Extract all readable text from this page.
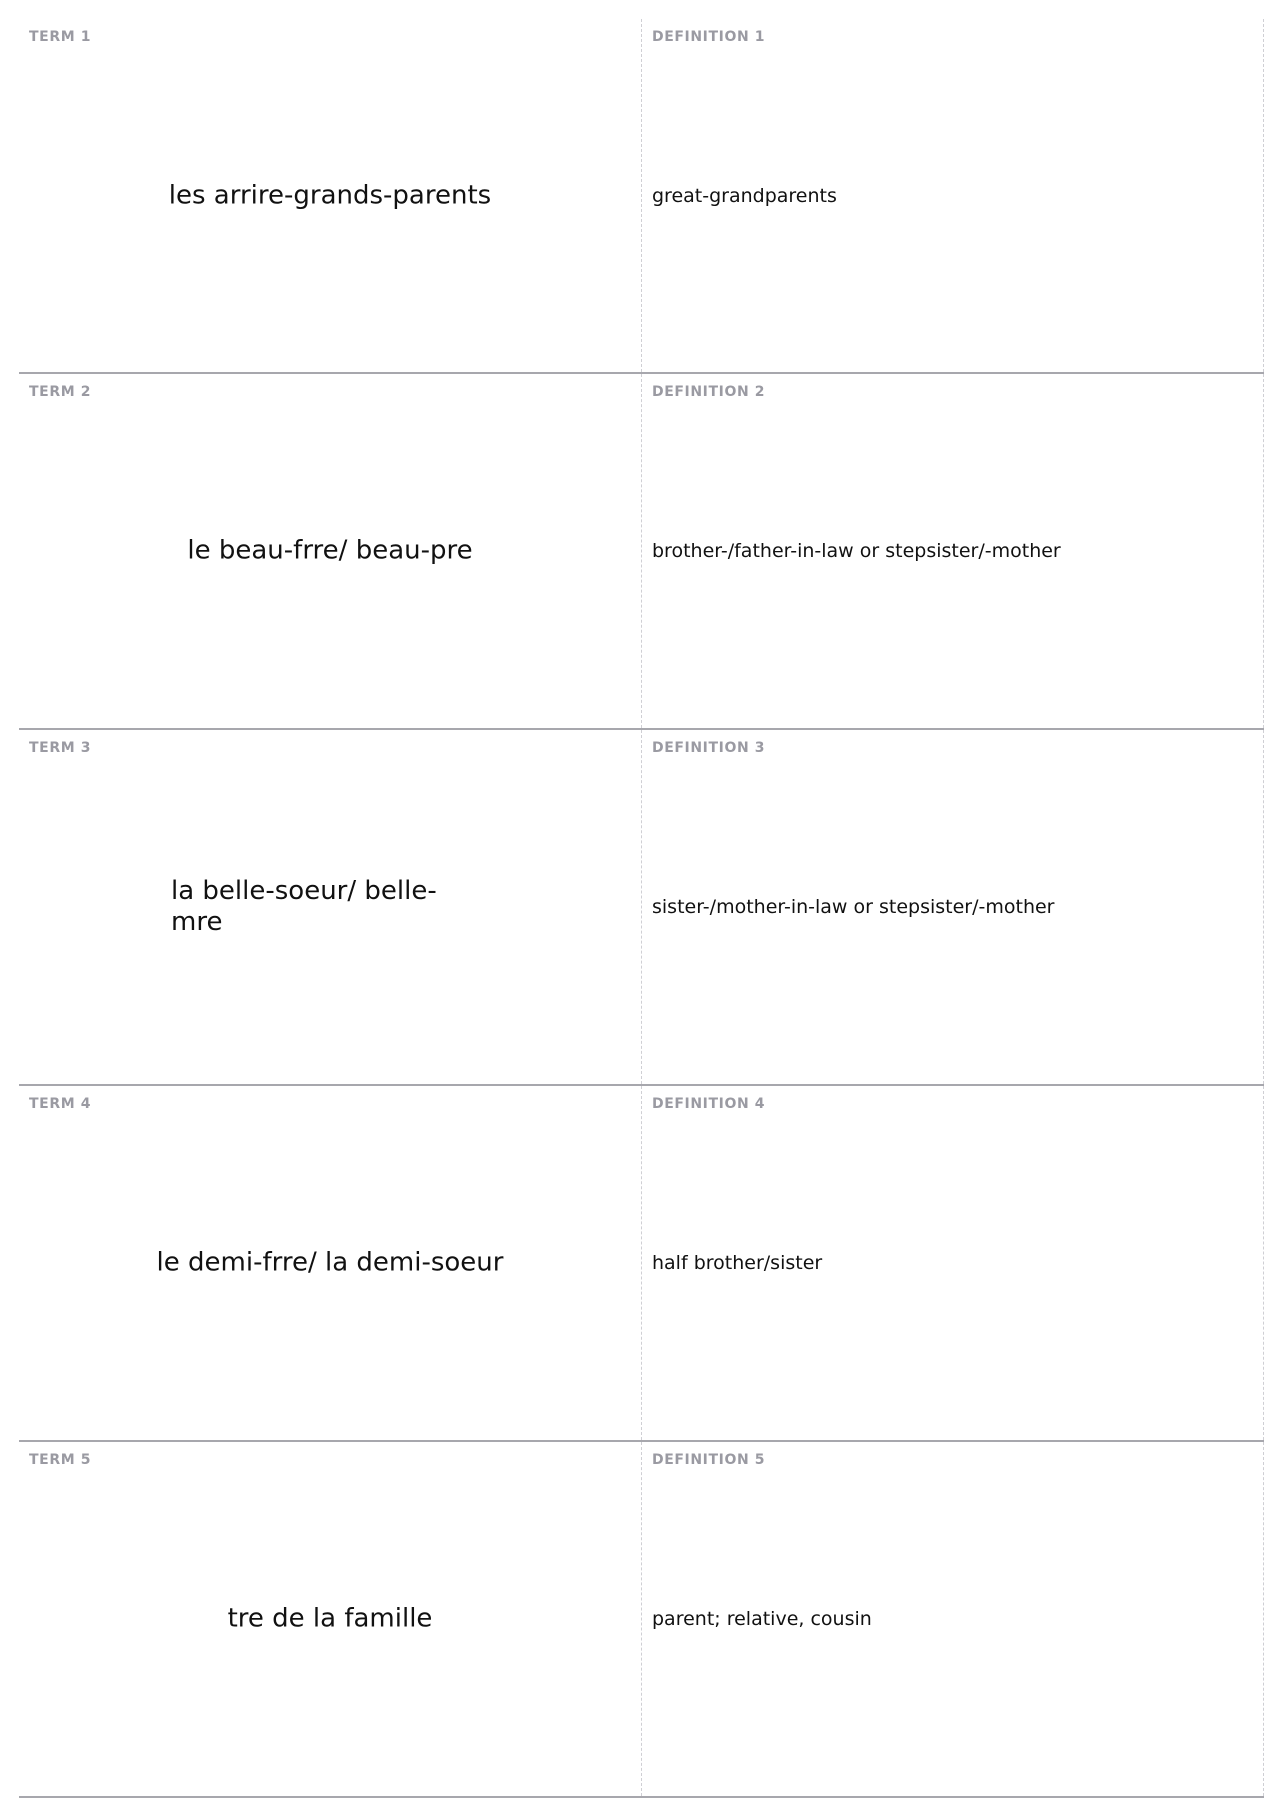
TERM 1
les arrire-grands-parents
DEFINITION 1
great-grandparents
TERM 2
le beau-frre/ beau-pre
DEFINITION 2
brother-/father-in-law or stepsister/-mother
TERM 3
la belle-soeur/ belle-mre
DEFINITION 3
sister-/mother-in-law or stepsister/-mother
TERM 4
le demi-frre/ la demi-soeur
DEFINITION 4
half brother/sister
TERM 5
tre de la famille
DEFINITION 5
parent; relative, cousin
